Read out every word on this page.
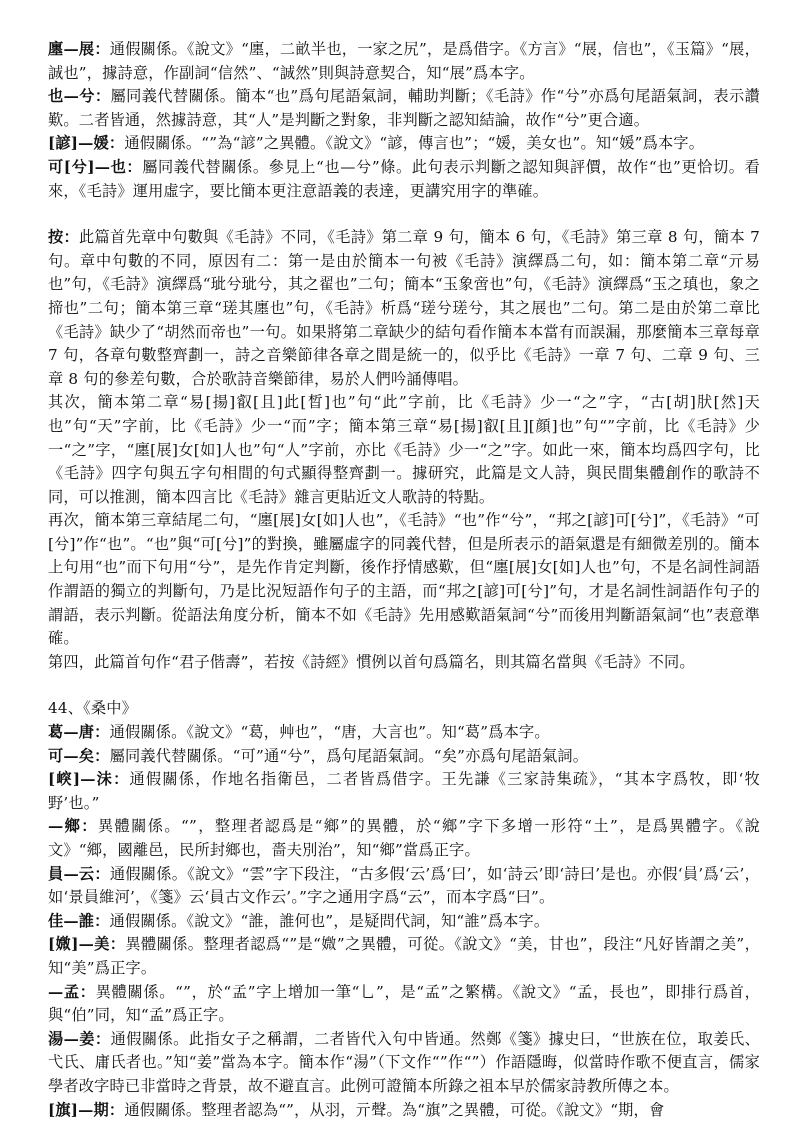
廛—展：通假關係。《說文》“廛，二畝半也，一家之尻”，是爲借字。《方言》“展，信也”，《玉篇》“展，誠也”，據詩意，作副詞“信然”、“誠然”則與詩意契合，知“展”爲本字。

也—兮：屬同義代替關係。簡本“也”爲句尾語氣詞，輔助判斷；《毛詩》作“兮”亦爲句尾語氣詞，表示讚歎。二者皆通，然據詩意，其“人”是判斷之對象，非判斷之認知結論，故作“兮”更合適。

[諺]—媛：通假關係。“”為“諺”之異體。《說文》“諺，傳言也”；“媛，美女也”。知“媛”爲本字。

可[兮]—也：屬同義代替關係。參見上“也—兮”條。此句表示判斷之認知與評價，故作“也”更恰切。看來，《毛詩》運用虛字，要比簡本更注意語義的表達，更講究用字的準確。

按：此篇首先章中句數與《毛詩》不同，《毛詩》第二章 9 句，簡本 6 句，《毛詩》第三章 8 句，簡本 7 句。章中句數的不同，原因有二：第一是由於簡本一句被《毛詩》演繹爲二句，如：簡本第二章“亓易也”句，《毛詩》演繹爲“玼兮玼兮，其之翟也”二句；簡本“玉象啻也”句，《毛詩》演繹爲“玉之瑱也，象之揥也”二句；簡本第三章“瑳其廛也”句，《毛詩》析爲“瑳兮瑳兮，其之展也”二句。第二是由於第二章比《毛詩》缺少了“胡然而帝也”一句。如果將第二章缺少的結句看作簡本本當有而誤漏，那麼簡本三章每章 7 句，各章句數整齊劃一，詩之音樂節律各章之間是統一的，似乎比《毛詩》一章 7 句、二章 9 句、三章 8 句的參差句數，合於歌詩音樂節律，易於人們吟誦傳唱。

其次，簡本第二章“易[揚]叡[且]此[晳]也”句“此”字前，比《毛詩》少一“之”字，“古[胡]肰[然]天也”句“天”字前，比《毛詩》少一“而”字；簡本第三章“易[揚]叡[且][顔]也”句“”字前，比《毛詩》少一“之”字，“廛[展]女[如]人也”句“人”字前，亦比《毛詩》少一“之”字。如此一來，簡本均爲四字句，比《毛詩》四字句與五字句相間的句式顯得整齊劃一。據研究，此篇是文人詩，與民間集體創作的歌詩不同，可以推測，簡本四言比《毛詩》雜言更貼近文人歌詩的特點。

再次，簡本第三章結尾二句，“廛[展]女[如]人也”，《毛詩》“也”作“兮”，“邦之[諺]可[兮]”，《毛詩》“可[兮]”作“也”。“也”與“可[兮]”的對換，雖屬虛字的同義代替，但是所表示的語氣還是有細微差別的。簡本上句用“也”而下句用“兮”，是先作肯定判斷，後作抒情感歎，但“廛[展]女[如]人也”句，不是名詞性詞語作謂語的獨立的判斷句，乃是比況短語作句子的主語，而“邦之[諺]可[兮]”句，才是名詞性詞語作句子的謂語，表示判斷。從語法角度分析，簡本不如《毛詩》先用感歎語氣詞“兮”而後用判斷語氣詞“也”表意準確。

第四，此篇首句作“君子偕壽”，若按《詩經》慣例以首句爲篇名，則其篇名當與《毛詩》不同。

44、《桑中》

葛—唐：通假關係。《說文》“葛，艸也”，“唐，大言也”。知“葛”爲本字。

可—矣：屬同義代替關係。“可”通“兮”，爲句尾語氣詞。“矣”亦爲句尾語氣詞。

[㟮]—沬：通假關係，作地名指衛邑，二者皆爲借字。王先謙《三家詩集疏》，“其本字爲牧，即‘牧野’也。”

—鄉：異體關係。“”，整理者認爲是“鄉”的異體，於“鄉”字下多增一形符“土”，是爲異體字。《說文》“鄉，國離邑，民所封鄉也，嗇夫別治”，知“鄉”當爲正字。

員—云：通假關係。《說文》“雲”字下段注，“古多假‘云’爲‘曰’，如‘詩云’即‘詩曰’是也。亦假‘員’爲‘云’，如‘景員維河’，《箋》云‘員古文作云’。”字之通用字爲“云”，而本字爲“曰”。

佳—誰：通假關係。《說文》“誰，誰何也”，是疑問代詞，知“誰”爲本字。

[媺]—美：異體關係。整理者認爲“”是“媺”之異體，可從。《說文》“美，甘也”，段注“凡好皆謂之美”，知“美”爲正字。

—孟：異體關係。“”，於“孟”字上增加一筆“乚”，是“孟”之繁構。《說文》“孟，長也”，即排行爲首，與“伯”同，知“孟”爲正字。

湯—姜：通假關係。此指女子之稱謂，二者皆代入句中皆通。然鄭《箋》據史曰，“世族在位，取姜氏、弋氏、庸氏者也。”知“姜”當為本字。簡本作“湯”（下文作“”作“”）作語隱晦，似當時作歌不便直言，儒家學者改字時已非當時之背景，故不避直言。此例可證簡本所錄之祖本早於儒家詩教所傳之本。

[旗]—期：通假關係。整理者認為“”，从羽，亓聲。為“旗”之異體，可從。《說文》“期，會
